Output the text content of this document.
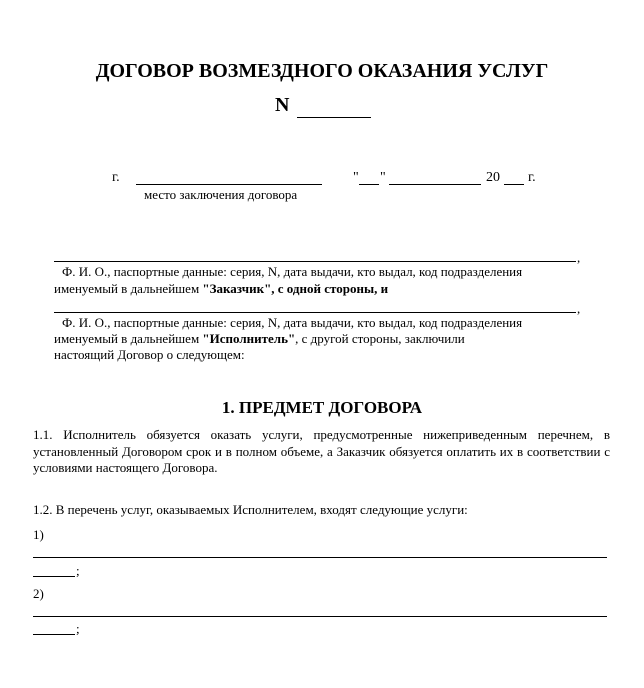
ДОГОВОР ВОЗМЕЗДНОГО ОКАЗАНИЯ УСЛУГ
N
г.
место заключения договора
" "	20 г.
,
Ф. И. О., паспортные данные: серия, N, дата выдачи, кто выдал, код подразделения
именуемый в дальнейшем "Заказчик", с одной стороны, и
,
Ф. И. О., паспортные данные: серия, N, дата выдачи, кто выдал, код подразделения
именуемый в дальнейшем "Исполнитель", с другой стороны, заключили
настоящий Договор о следующем:
1. ПРЕДМЕТ ДОГОВОРА
1.1. Исполнитель обязуется оказать услуги, предусмотренные нижеприведенным перечнем, в установленный Договором срок и в полном объеме, а Заказчик обязуется оплатить их в соответствии с условиями настоящего Договора.
1.2. В перечень услуг, оказываемых Исполнителем, входят следующие услуги:
1)
;
2)
;
